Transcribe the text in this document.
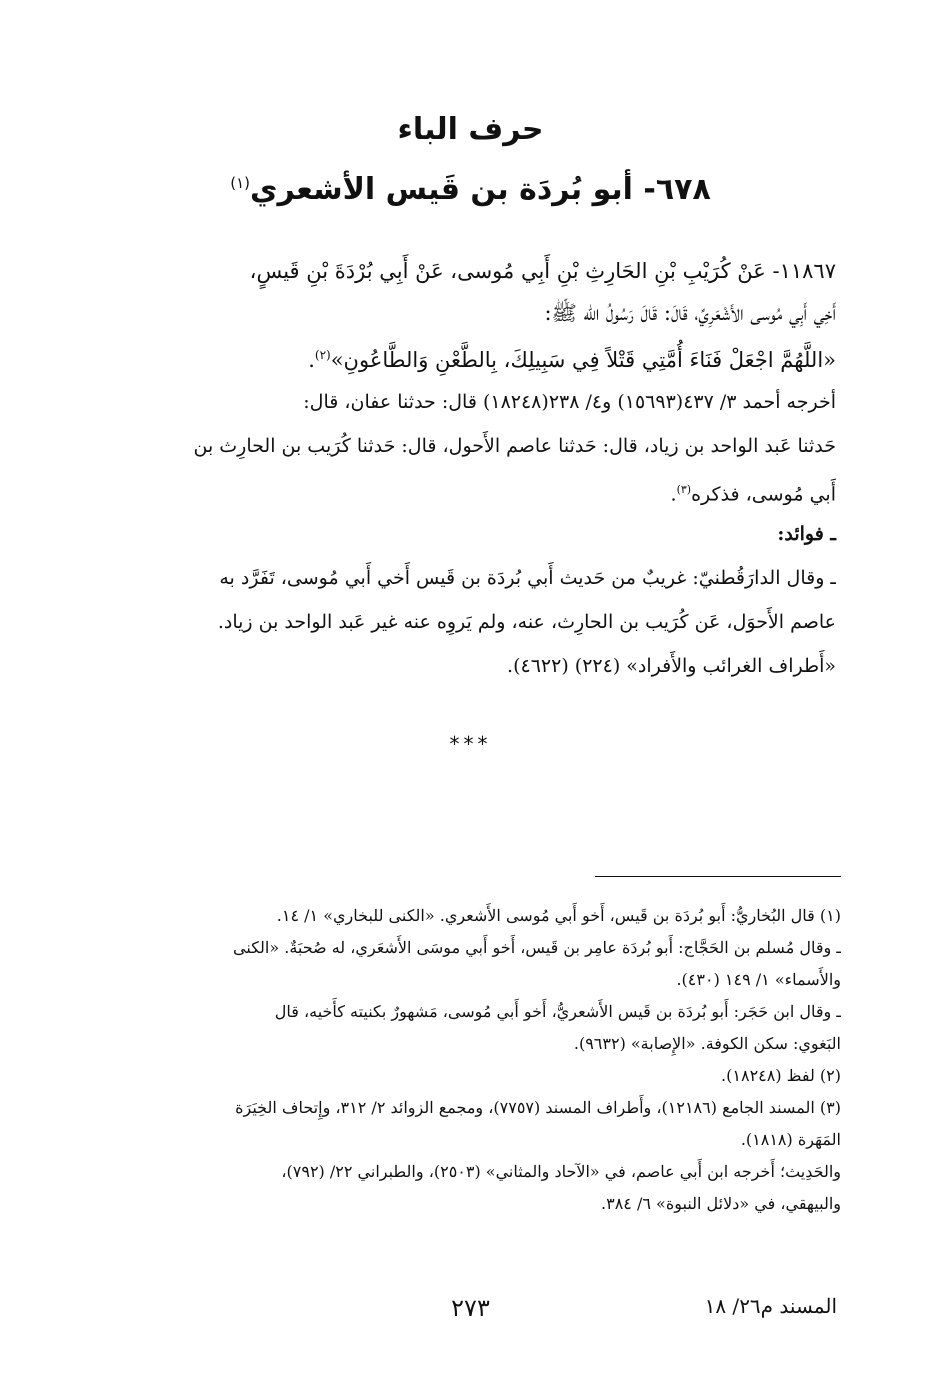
حرف الباء
٦٧٨- أبو بُردَة بن قَيس الأشعري$^{(١)}$
١١٨٦٧- عَنْ كُرَيْبِ بْنِ الحَارِثِ بْنِ أَبِي مُوسى، عَنْ أَبِي بُرْدَةَ بْنِ قَيسٍ،
أَخِي أَبِي مُوسى الأَشْعَرِيِّ، قَالَ: قَالَ رَسُولُ الله ﷺ:
«اللَّهُمَّ اجْعَلْ فَنَاءَ أُمَّتِي قَتْلاً فِي سَبِيلِكَ، بِالطَّعْنِ وَالطَّاعُونِ»$^{(٢)}$.
أخرجه أحمد ٣/ ٤٣٧(١٥٦٩٣) و٤/ ٢٣٨(١٨٢٤٨) قال: حدثنا عفان، قال:
حَدثنا عَبد الواحد بن زياد، قال: حَدثنا عاصم الأَحول، قال: حَدثنا كُرَيب بن الحارِث بن
أَبي مُوسى، فذكره$^{(٣)}$.
ـ فوائد:
ـ وقال الدارَقُطنيّ: غريبٌ من حَديث أَبي بُردَة بن قَيس أَخي أَبي مُوسى، تَفَرَّد به
عاصم الأَحوَل، عَن كُرَيب بن الحارِث، عنه، ولم يَروِه عنه غير عَبد الواحد بن زياد.
«أَطراف الغرائب والأَفراد» (٢٢٤) (٤٦٢٢).
***
(١) قال البُخاريُّ: أَبو بُردَة بن قَيس، أَخو أَبي مُوسى الأَشعري. «الكنى للبخاري» ١/ ١٤.
ـ وقال مُسلم بن الحَجَّاج: أَبو بُردَة عامِر بن قَيس، أَخو أَبي موسَى الأَشعَري، له صُحبَةٌ. «الكنى
والأَسماء» ١/ ١٤٩ (٤٣٠).
ـ وقال ابن حَجَر: أَبو بُردَة بن قَيس الأَشعريُّ، أَخو أَبي مُوسى، مَشهورٌ بكنيته كأَخيه، قال
البَغوي: سكن الكوفة. «الإِصابة» (٩٦٣٢).
(٢) لفظ (١٨٢٤٨).
(٣) المسند الجامع (١٢١٨٦)، وأَطراف المسند (٧٧٥٧)، ومجمع الزوائد ٢/ ٣١٢، وإِتحاف الخِيَرَة
المَهَرة (١٨١٨).
والحَدِيث؛ أَخرجه ابن أَبي عاصم، في «الآحاد والمثاني» (٢٥٠٣)، والطبراني ٢٢/ (٧٩٢)،
والبيهقي، في «دلائل النبوة» ٦/ ٣٨٤.
المسند م٢٦/ ١٨
٢٧٣
